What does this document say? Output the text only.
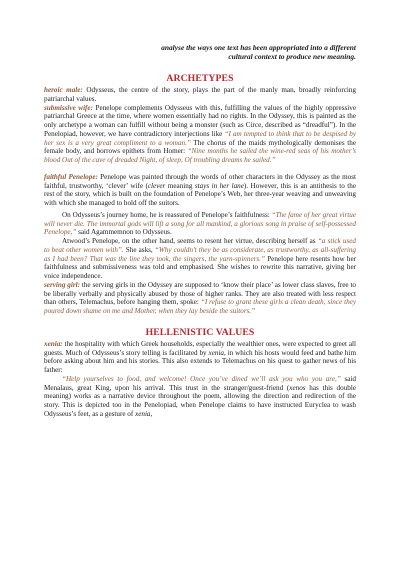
analyse the ways one text has been appropriated into a different
cultural context to produce new meaning.

ARCHETYPES

heroic male: Odysseus, the centre of the story, plays the part of the manly man, broadly reinforcing patriarchal values.

submissive wife: Penelope complements Odysseus with this, fulfilling the values of the highly oppressive patriarchal Greece at the time, where women essentially had no rights. In the Odyssey, this is painted as the only archetype a woman can fulfill without being a monster (such as Circe, described as “dreadful”). In the Penelopiad, however, we have contradictory interjections like “I am tempted to think that to be despised by her sex is a very great compliment to a woman.” The chorus of the maids mythologically demonises the female body, and borrows epithets from Homer: “Nine months he sailed the wine-red seas of his mother’s blood Out of the cave of dreaded Night, of sleep, Of troubling dreams he sailed.”

faithful Penelope: Penelope was painted through the words of other characters in the Odyssey as the most faithful, trustworthy, ‘clever’ wife (clever meaning stays in her lane). However, this is an antithesis to the rest of the story, which is built on the foundation of Penelope’s Web, her three-year weaving and unweaving with which she managed to hold off the suitors.

On Odysseus’s journey home, he is reassured of Penelope’s faithfulness: “The fame of her great virtue will never die. The immortal gods will lift a song for all mankind, a glorious song in praise of self-possessed Penelope,” said Agammemnon to Odysseus.

Atwood’s Penelope, on the other hand, seems to resent her virtue, describing herself as “a stick used to beat other women with”. She asks, “Why couldn’t they be as considerate, as trustworthy, as all-suffering as I had been? That was the line they took, the singers, the yarn-spinners.” Penelope here resents how her faithfulness and submissiveness was told and emphasised. She wishes to rewrite this narrative, giving her voice independence.

serving girl: the serving girls in the Odyssey are supposed to ‘know their place’ as lower class slaves, free to be liberally verbally and physically abused by those of higher ranks. They are also treated with less respect than others, Telemachus, before hanging them, spoke: “I refuse to grant these girls a clean death, since they poured down shame on me and Mother, when they lay beside the suitors.”

HELLENISTIC VALUES

xenia: the hospitality with which Greek households, especially the wealthier ones, were expected to greet all guests. Much of Odysseus’s story telling is facilitated by xenia, in which his hosts would feed and bathe him before asking about him and his stories. This also extends to Telemachus on his quest to gather news of his father:

“Help yourselves to food, and welcome! Once you’ve dined we’ll ask you who you are,” said Menalaus, great King, upon his arrival. This trust in the stranger/guest-friend (xenos has this double meaning) works as a narrative device throughout the poem, allowing the direction and redirection of the story. This is depicted too in the Penelopiad, when Penelope claims to have instructed Euryclea to wash Odysseus’s feet, as a gesture of xenia,
